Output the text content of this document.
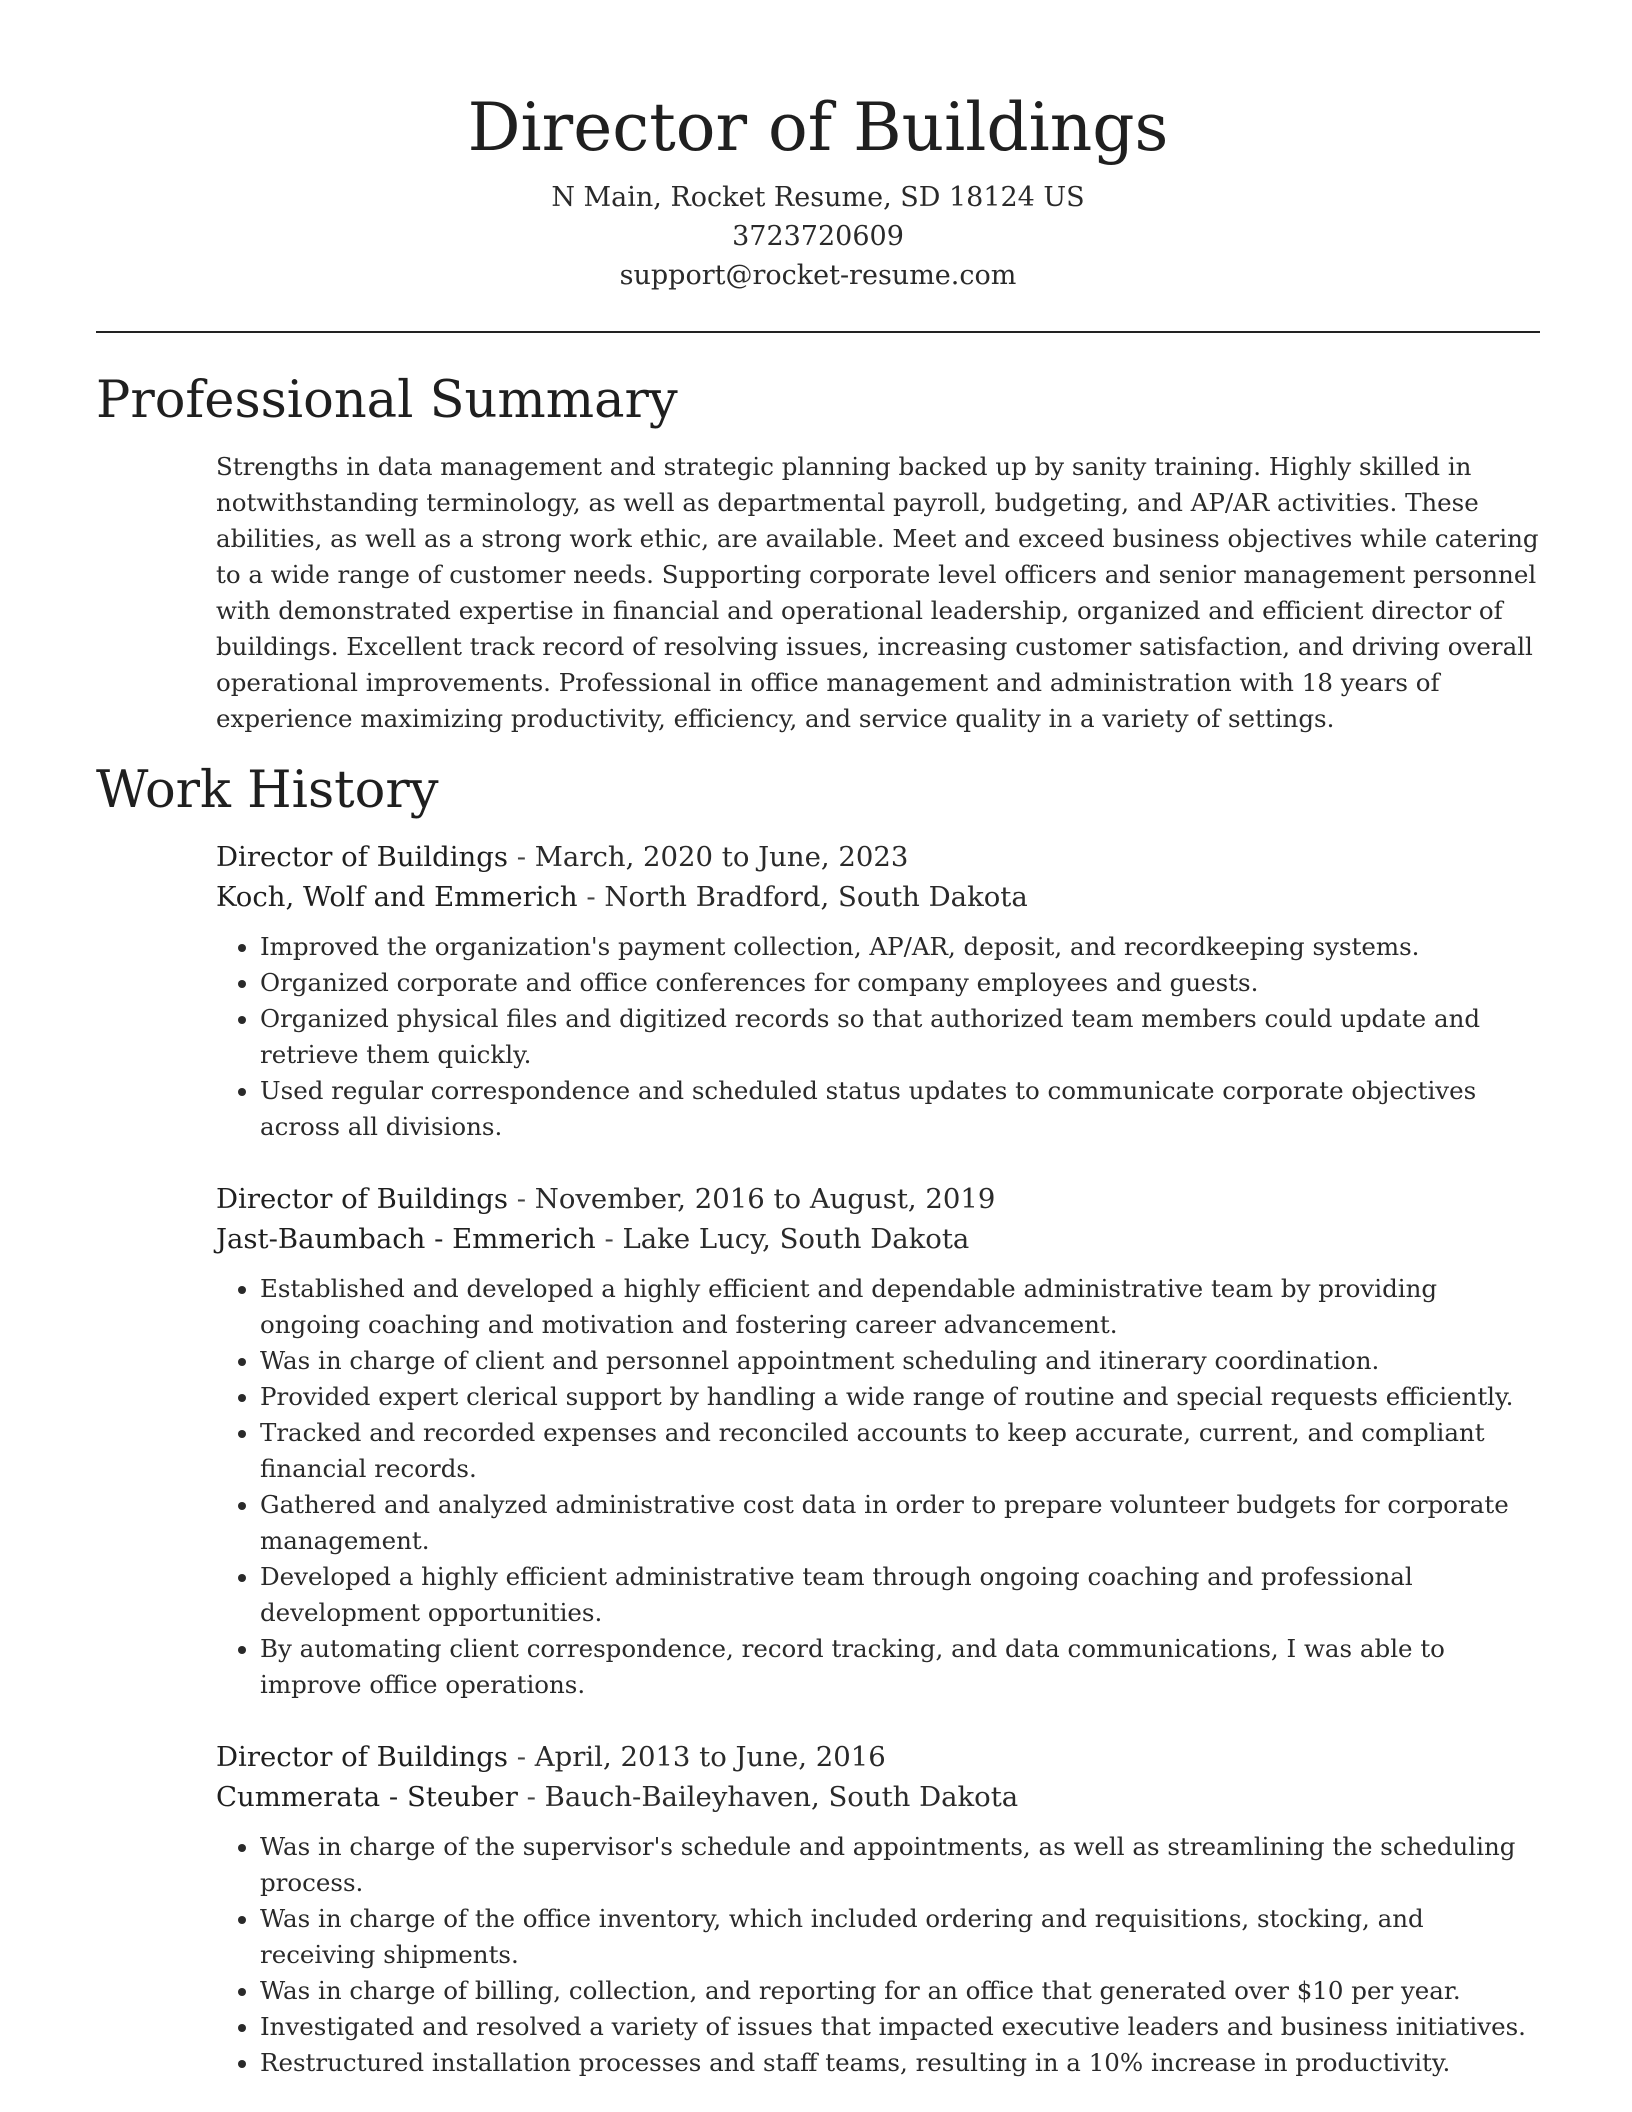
Director of Buildings
N Main, Rocket Resume, SD 18124 US
3723720609
support@rocket-resume.com
Professional Summary

Strengths in data management and strategic planning backed up by sanity training. Highly skilled in notwithstanding terminology, as well as departmental payroll, budgeting, and AP/AR activities. These abilities, as well as a strong work ethic, are available. Meet and exceed business objectives while catering to a wide range of customer needs. Supporting corporate level officers and senior management personnel with demonstrated expertise in financial and operational leadership, organized and efficient director of buildings. Excellent track record of resolving issues, increasing customer satisfaction, and driving overall operational improvements. Professional in office management and administration with 18 years of experience maximizing productivity, efficiency, and service quality in a variety of settings.

Work History
Director of Buildings - March, 2020 to June, 2023
Koch, Wolf and Emmerich - North Bradford, South Dakota
• Improved the organization's payment collection, AP/AR, deposit, and recordkeeping systems.
• Organized corporate and office conferences for company employees and guests.
• Organized physical files and digitized records so that authorized team members could update and retrieve them quickly.
• Used regular correspondence and scheduled status updates to communicate corporate objectives across all divisions.
Director of Buildings - November, 2016 to August, 2019
Jast-Baumbach - Emmerich - Lake Lucy, South Dakota
• Established and developed a highly efficient and dependable administrative team by providing ongoing coaching and motivation and fostering career advancement.
• Was in charge of client and personnel appointment scheduling and itinerary coordination.
• Provided expert clerical support by handling a wide range of routine and special requests efficiently.
• Tracked and recorded expenses and reconciled accounts to keep accurate, current, and compliant financial records.
• Gathered and analyzed administrative cost data in order to prepare volunteer budgets for corporate management.
• Developed a highly efficient administrative team through ongoing coaching and professional development opportunities.
• By automating client correspondence, record tracking, and data communications, I was able to improve office operations.
Director of Buildings - April, 2013 to June, 2016
Cummerata - Steuber - Bauch-Baileyhaven, South Dakota
• Was in charge of the supervisor's schedule and appointments, as well as streamlining the scheduling process.
• Was in charge of the office inventory, which included ordering and requisitions, stocking, and receiving shipments.
• Was in charge of billing, collection, and reporting for an office that generated over $10 per year.
• Investigated and resolved a variety of issues that impacted executive leaders and business initiatives.
• Restructured installation processes and staff teams, resulting in a 10% increase in productivity.
